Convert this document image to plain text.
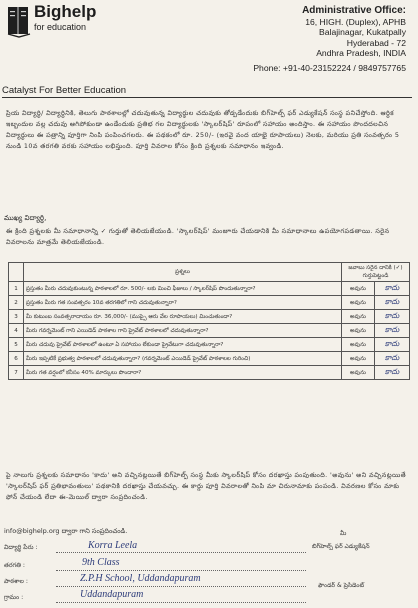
Bighelp
for education
Catalyst For Better Education
Administrative Office:
16, HIGH. (Duplex), APHB
Balajinagar, Kukatpally
Hyderabad - 72
Andhra Pradesh, INDIA
Phone: +91-40-23152224 / 9849757765
ప్రియ విద్యార్థి/ విద్యార్థినికి, తెలుగు పాఠశాలల్లో చదువుతున్న విద్యార్థుల చదువుకు తోడ్పడేందుకు బిగ్‌హెల్ప్ ఫర్ ఎడ్యుకేషన్ సంస్థ పనిచేస్తోంది. ఆర్థిక ఇబ్బందుల వల్ల చదువు ఆగిపోకుండా ఉండేందుకు ప్రతిభ గల విద్యార్థులకు 'స్కాలర్‌షిప్' రూపంలో సహాయం అందిస్తాం. ఈ సహాయం పొందదలచిన విద్యార్థులు ఈ పత్రాన్ని పూర్తిగా నింపి పంపించగలరు. ఈ పథకంలో రూ. 250/- (ఇరవై వంద యాభై రూపాయలు) నెలకు, మరియు ప్రతి సంవత్సరం 5 నుండి 10వ తరగతి వరకు సహాయం లభిస్తుంది. పూర్తి వివరాల కోసం క్రింది ప్రశ్నలకు సమాధానం ఇవ్వండి.
ముఖ్య విద్యార్థి,
ఈ క్రింది ప్రశ్నలకు మీ సమాధానాన్ని ✓ గుర్తుతో తెలియజేయండి. 'స్కాలర్‌షిప్' మంజూరు చేయడానికి మీ సమాధానాలు ఉపయోగపడతాయి. సరైన వివరాలను మాత్రమే తెలియజేయండి.
	ప్రశ్నలు	జవాబు సరైన దానికి (✓) గుర్తుపెట్టండి	
1	ప్రస్తుతం మీరు చదువుకుంటున్న పాఠశాలలో రూ. 500/- లకు మించి ఫీజులు / స్కాలర్‌షిప్ పొందుతున్నారా?	అవును	కాదు
2	ప్రస్తుతం మీరు గత సంవత్సరం 10వ తరగతిలో గాని చదువుతున్నారా?	అవును	కాదు
3	మీ కుటుంబ సంవత్సరాదాయం రూ. 36,000/- (ముప్పై ఆరు వేల రూపాయలు) మించుతుందా?	అవును	కాదు
4	మీరు గవర్నమెంట్ గాని ఎయిడెడ్ పాఠశాల గాని ప్రైవేట్ పాఠశాలలో చదువుతున్నారా?	అవును	కాదు
5	మీరు చదువు ప్రైవేట్ పాఠశాలలో ఉంటూ ఏ సహాయం లేకుండా ప్రైవేటుగా చదువుతున్నారా?	అవును	కాదు
6	మీరు ఇప్పటికే ప్రభుత్వ పాఠశాలలో చదువుతున్నారా? (గవర్నమెంట్ ఎయిడెడ్ ప్రైవేట్ పాఠశాలల గురించి)	అవును	కాదు
7	మీరు గత వర్షంలో కనీసం 40% మార్కులు పొందారా?	అవును	కాదు
పై నాలుగు ప్రశ్నలకు సమాధానం 'కాదు' అని వచ్చినట్లయితే బిగ్‌హెల్ప్ సంస్థ మీకు స్కాలర్‌షిప్ కోసం దరఖాస్తు పంపుతుంది. 'అవును' అని వచ్చినట్లయితే 'స్కాలర్‌షిప్ ఫర్ ప్రతిభావంతులు' పథకానికి దరఖాస్తు చేయవచ్చు. ఈ కార్డు పూర్తి వివరాలతో నింపి మా చిరునామాకు పంపండి. వివరణల కోసం మాకు ఫోన్ చేయండి లేదా ఈ-మెయిల్ ద్వారా సంప్రదించండి.
info@bighelp.org ద్వారా గాని సంప్రదించండి.
విద్యార్థి పేరు :	Korra Leela
తరగతి :	9th Class
పాఠశాల :	Z.P.H School, Uddandapuram
గ్రామం :	Uddandapuram
మీ
బిగ్‌హెల్ప్ ఫర్ ఎడ్యుకేషన్
ఫౌండర్ & ప్రెసిడెంట్
